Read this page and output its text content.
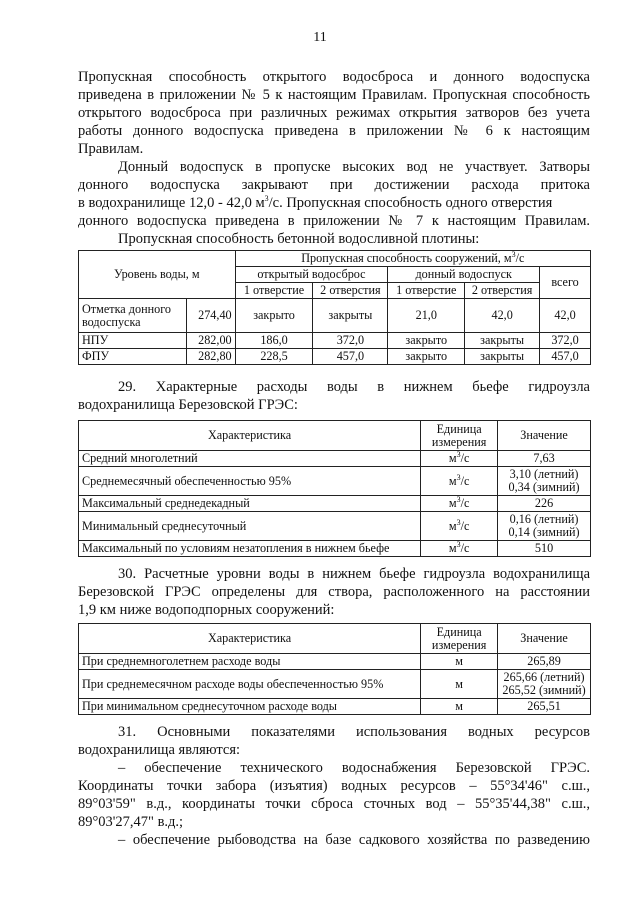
11

Пропускная способность открытого водосброса и донного водоспуска

приведена в приложении № 5 к настоящим Правилам. Пропускная способность

открытого водосброса при различных режимах открытия затворов без учета

работы донного водоспуска приведена в приложении № 6 к настоящим

Правилам.

Донный водоспуск в пропуске высоких вод не участвует. Затворы

донного водоспуска закрывают при достижении расхода притока

в водохранилище 12,0 - 42,0 $м^3/с$. Пропускная способность одного отверстия

донного водоспуска приведена в приложении № 7 к настоящим Правилам.

Пропускная способность бетонной водосливной плотины:

Уровень воды, м		Пропускная способность сооружений, $м^3/с$				
		открытый водосброс		донный водоспуск		всего
		1 отверстие	2 отверстия	1 отверстие	2 отверстия	
Отметка донного водоспуска	274,40	закрыто	закрыты	21,0	42,0	42,0
НПУ	282,00	186,0	372,0	закрыто	закрыты	372,0
ФПУ	282,80	228,5	457,0	закрыто	закрыты	457,0

29. Характерные расходы воды в нижнем бьефе гидроузла

водохранилища Березовской ГРЭС:

Характеристика	Единица измерения	Значение
Средний многолетний	$м^3/с$	7,63
Среднемесячный обеспеченностью 95%	$м^3/с$	3,10 (летний)
0,34 (зимний)

Максимальный среднедекадный	$м^3/с$	226
Минимальный среднесуточный	$м^3/с$	0,16 (летний)
0,14 (зимний)

Максимальный по условиям незатопления в нижнем бьефе	$м^3/с$	510

30. Расчетные уровни воды в нижнем бьефе гидроузла водохранилища

Березовской ГРЭС определены для створа, расположенного на расстоянии

1,9 км ниже водоподпорных сооружений:

Характеристика	Единица измерения	Значение
При среднемноголетнем расходе воды	м	265,89
При среднемесячном расходе воды обеспеченностью 95%	м	265,66 (летний)
265,52 (зимний)

При минимальном среднесуточном расходе воды	м	265,51

31. Основными показателями использования водных ресурсов

водохранилища являются:

– обеспечение технического водоснабжения Березовской ГРЭС.

Координаты точки забора (изъятия) водных ресурсов – 55°34'46" с.ш.,

89°03'59" в.д., координаты точки сброса сточных вод – 55°35'44,38" с.ш.,

89°03'27,47" в.д.;

– обеспечение рыбоводства на базе садкового хозяйства по разведению
